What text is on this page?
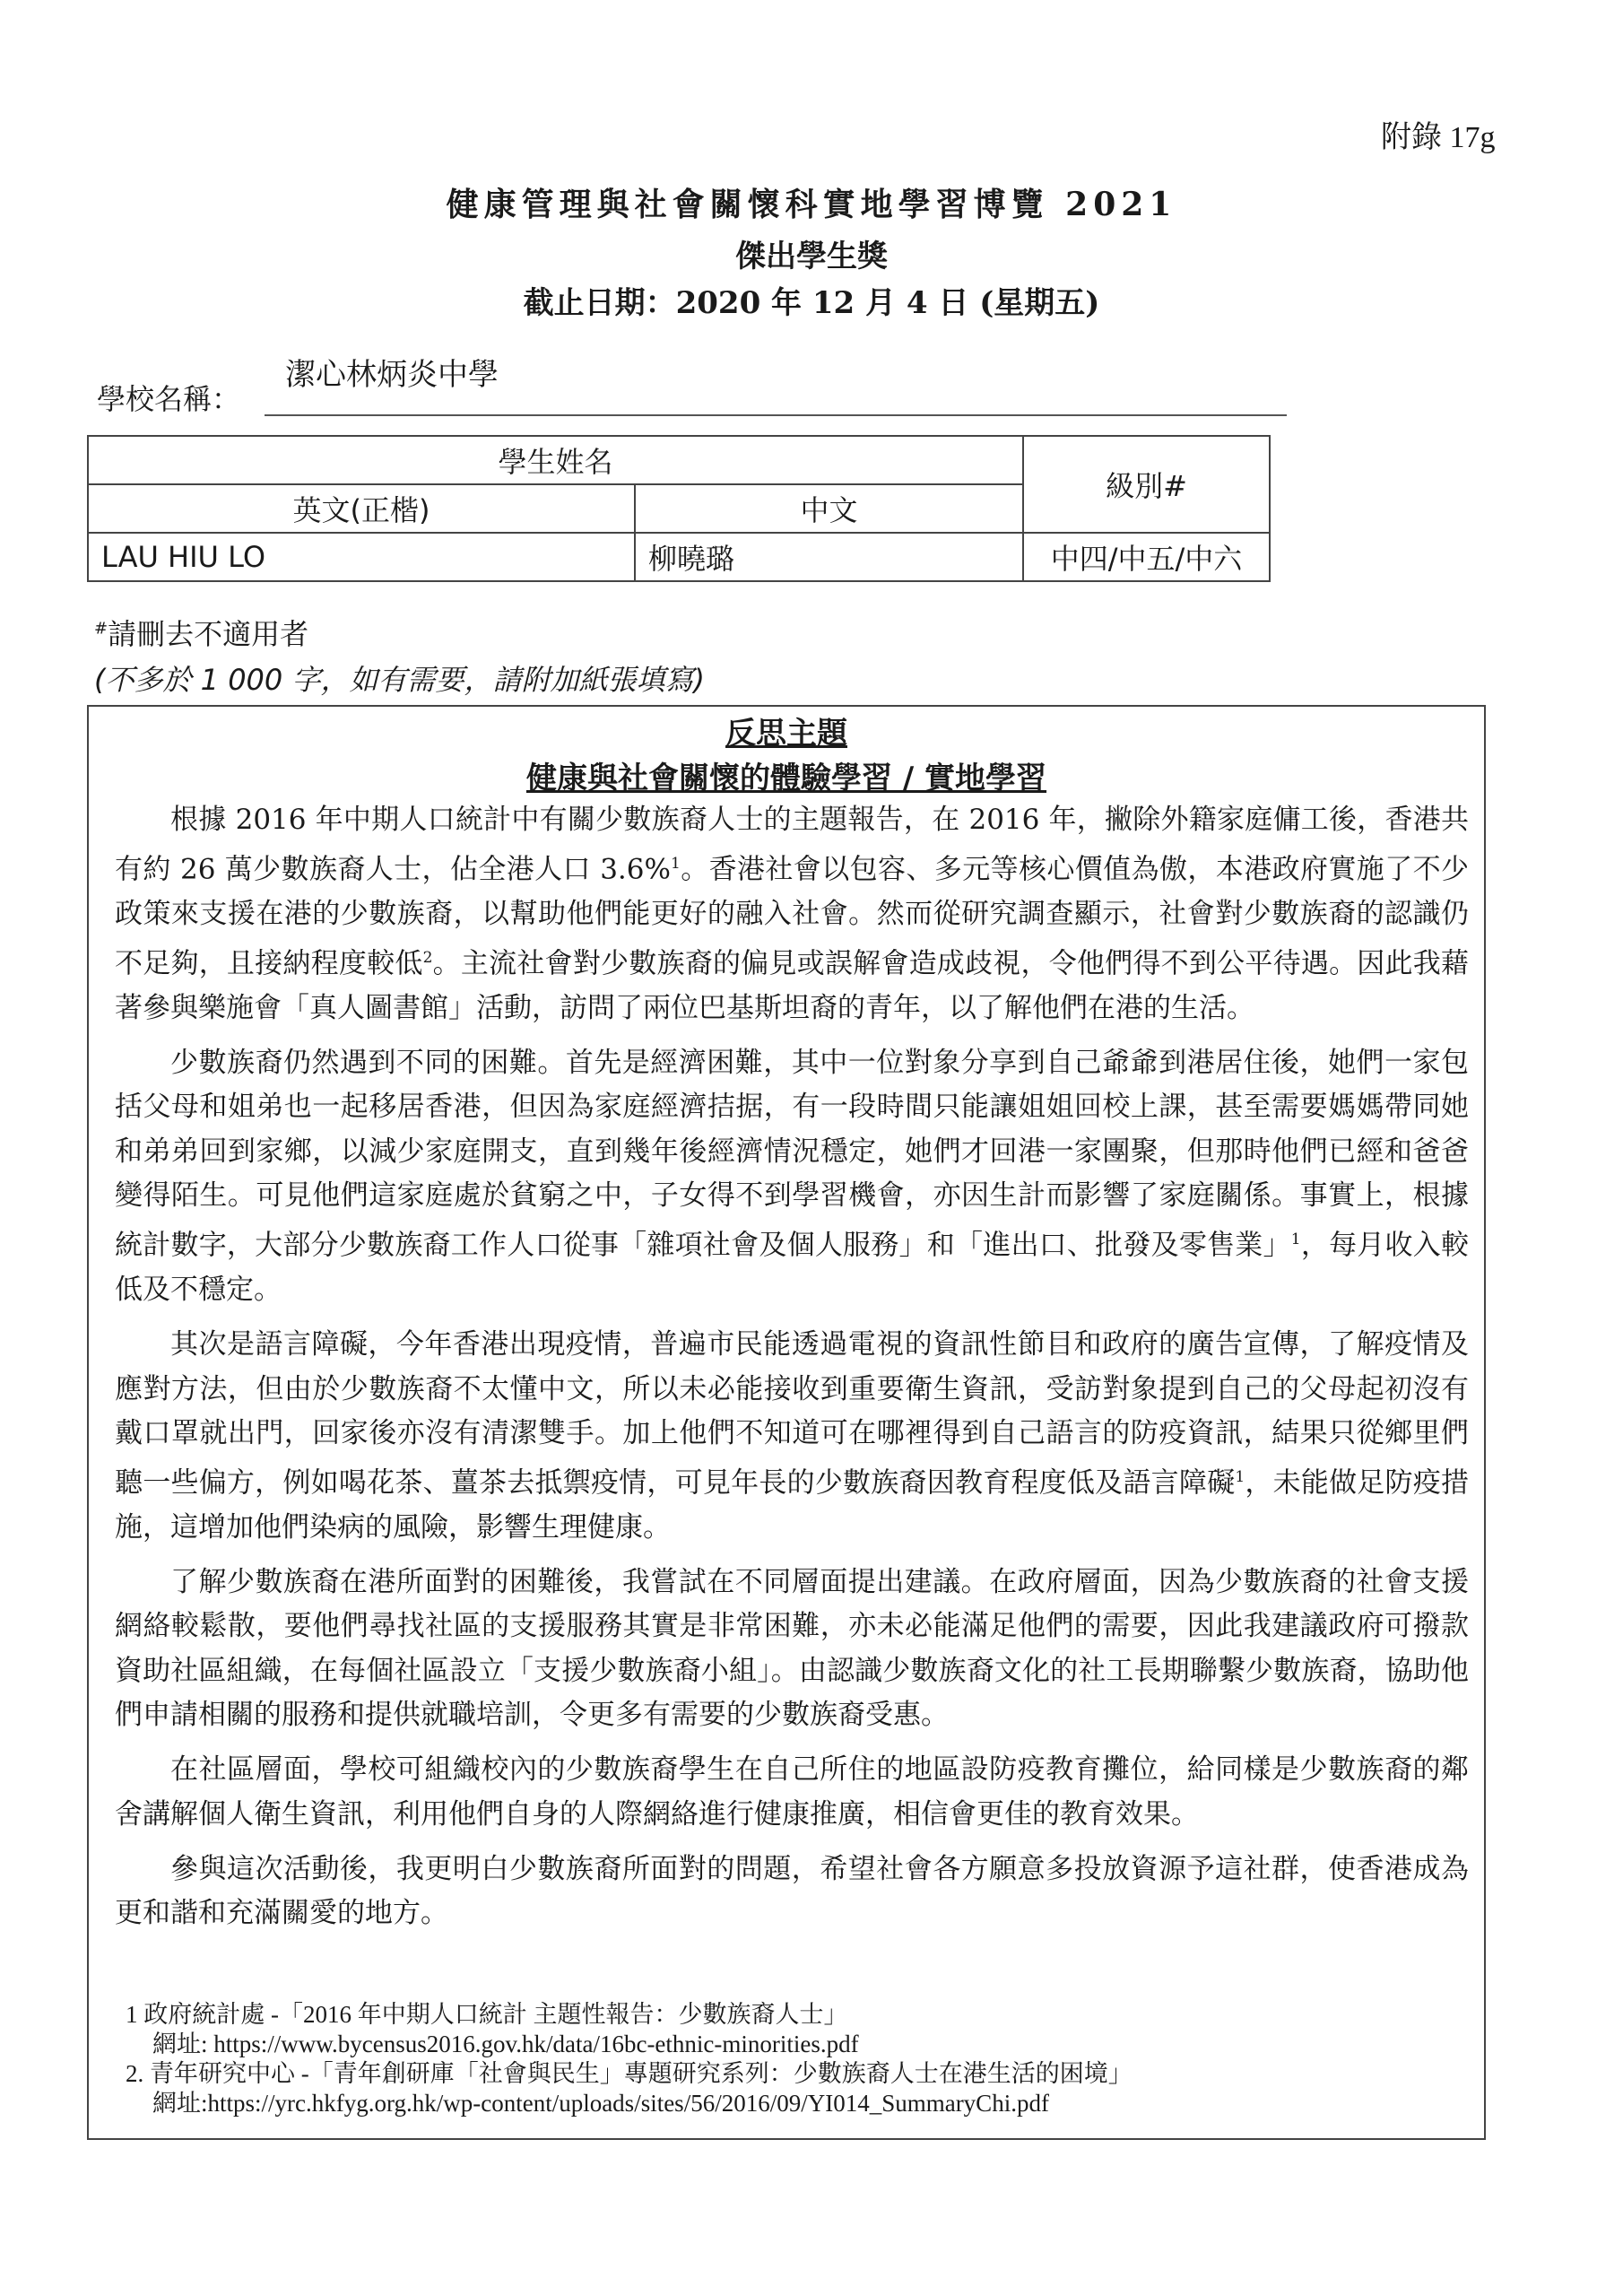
附錄 17g
健康管理與社會關懷科實地學習博覽 2021
傑出學生獎
截止日期：2020 年 12 月 4 日 (星期五)
學校名稱：
潔心林炳炎中學
學生姓名		級別#
英文(正楷)	中文	
LAU HIU LO	柳曉璐	中四/中五/中六
#請刪去不適用者
(不多於 1 000 字，如有需要，請附加紙張填寫)
反思主題
健康與社會關懷的體驗學習 / 實地學習

根據 2016 年中期人口統計中有關少數族裔人士的主題報告，在 2016 年，撇除外籍家庭傭工後，香港共有約 26 萬少數族裔人士，佔全港人口 3.6%$^1$。香港社會以包容、多元等核心價值為傲，本港政府實施了不少政策來支援在港的少數族裔，以幫助他們能更好的融入社會。然而從研究調查顯示，社會對少數族裔的認識仍不足夠，且接納程度較低$^2$。主流社會對少數族裔的偏見或誤解會造成歧視，令他們得不到公平待遇。因此我藉著參與樂施會「真人圖書館」活動，訪問了兩位巴基斯坦裔的青年，以了解他們在港的生活。

少數族裔仍然遇到不同的困難。首先是經濟困難，其中一位對象分享到自己爺爺到港居住後，她們一家包括父母和姐弟也一起移居香港，但因為家庭經濟拮据，有一段時間只能讓姐姐回校上課，甚至需要媽媽帶同她和弟弟回到家鄉，以減少家庭開支，直到幾年後經濟情況穩定，她們才回港一家團聚，但那時他們已經和爸爸變得陌生。可見他們這家庭處於貧窮之中，子女得不到學習機會，亦因生計而影響了家庭關係。事實上，根據統計數字，大部分少數族裔工作人口從事「雜項社會及個人服務」和「進出口、批發及零售業」$^1$，每月收入較低及不穩定。

其次是語言障礙，今年香港出現疫情，普遍市民能透過電視的資訊性節目和政府的廣告宣傳，了解疫情及應對方法，但由於少數族裔不太懂中文，所以未必能接收到重要衛生資訊，受訪對象提到自己的父母起初沒有戴口罩就出門，回家後亦沒有清潔雙手。加上他們不知道可在哪裡得到自己語言的防疫資訊，結果只從鄉里們聽一些偏方，例如喝花茶、薑茶去抵禦疫情，可見年長的少數族裔因教育程度低及語言障礙$^1$，未能做足防疫措施，這增加他們染病的風險，影響生理健康。

了解少數族裔在港所面對的困難後，我嘗試在不同層面提出建議。在政府層面，因為少數族裔的社會支援網絡較鬆散，要他們尋找社區的支援服務其實是非常困難，亦未必能滿足他們的需要，因此我建議政府可撥款資助社區組織，在每個社區設立「支援少數族裔小組」。由認識少數族裔文化的社工長期聯繫少數族裔，協助他們申請相關的服務和提供就職培訓，令更多有需要的少數族裔受惠。

在社區層面，學校可組織校內的少數族裔學生在自己所住的地區設防疫教育攤位，給同樣是少數族裔的鄰舍講解個人衛生資訊，利用他們自身的人際網絡進行健康推廣，相信會更佳的教育效果。

參與這次活動後，我更明白少數族裔所面對的問題，希望社會各方願意多投放資源予這社群，使香港成為更和諧和充滿關愛的地方。

1 政府統計處 -「2016 年中期人口統計 主題性報告：少數族裔人士」

網址: https://www.bycensus2016.gov.hk/data/16bc-ethnic-minorities.pdf

2. 青年研究中心 -「青年創研庫「社會與民生」專題研究系列：少數族裔人士在港生活的困境」

網址:https://yrc.hkfyg.org.hk/wp-content/uploads/sites/56/2016/09/YI014_SummaryChi.pdf
